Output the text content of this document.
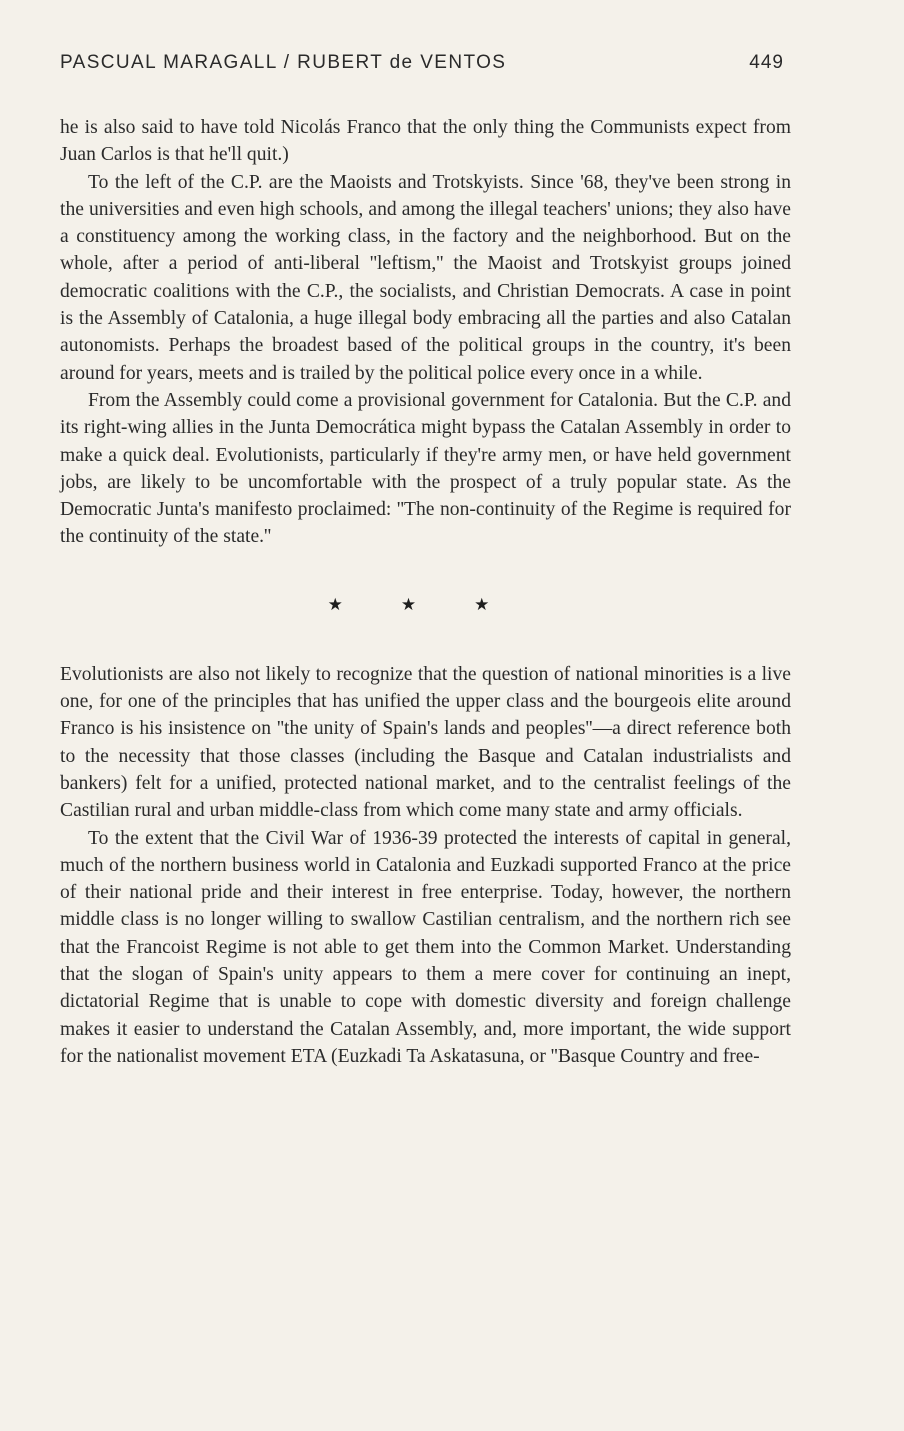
PASCUAL MARAGALL / RUBERT de VENTOS	449

he is also said to have told Nicolás Franco that the only thing the Communists expect from Juan Carlos is that he'll quit.)

To the left of the C.P. are the Maoists and Trotskyists. Since '68, they've been strong in the universities and even high schools, and among the illegal teachers' unions; they also have a constituency among the working class, in the factory and the neighborhood. But on the whole, after a period of anti-liberal ''leftism,'' the Maoist and Trotskyist groups joined democratic coalitions with the C.P., the socialists, and Christian Democrats. A case in point is the Assembly of Catalonia, a huge illegal body embracing all the parties and also Catalan autonomists. Perhaps the broadest based of the political groups in the country, it's been around for years, meets and is trailed by the political police every once in a while.

From the Assembly could come a provisional government for Catalonia. But the C.P. and its right-wing allies in the Junta Democrática might bypass the Catalan Assembly in order to make a quick deal. Evolutionists, particularly if they're army men, or have held government jobs, are likely to be uncomfortable with the prospect of a truly popular state. As the Democratic Junta's manifesto proclaimed: ''The non-continuity of the Regime is required for the continuity of the state.''

★	★	★

Evolutionists are also not likely to recognize that the question of national minorities is a live one, for one of the principles that has unified the upper class and the bourgeois elite around Franco is his insistence on ''the unity of Spain's lands and peoples''—a direct reference both to the necessity that those classes (including the Basque and Catalan industrialists and bankers) felt for a unified, protected national market, and to the centralist feelings of the Castilian rural and urban middle-class from which come many state and army officials.

To the extent that the Civil War of 1936-39 protected the interests of capital in general, much of the northern business world in Catalonia and Euzkadi supported Franco at the price of their national pride and their interest in free enterprise. Today, however, the northern middle class is no longer willing to swallow Castilian centralism, and the northern rich see that the Francoist Regime is not able to get them into the Common Market. Understanding that the slogan of Spain's unity appears to them a mere cover for continuing an inept, dictatorial Regime that is unable to cope with domestic diversity and foreign challenge makes it easier to understand the Catalan Assembly, and, more important, the wide support for the nationalist movement ETA (Euzkadi Ta Askatasuna, or ''Basque Country and free-
